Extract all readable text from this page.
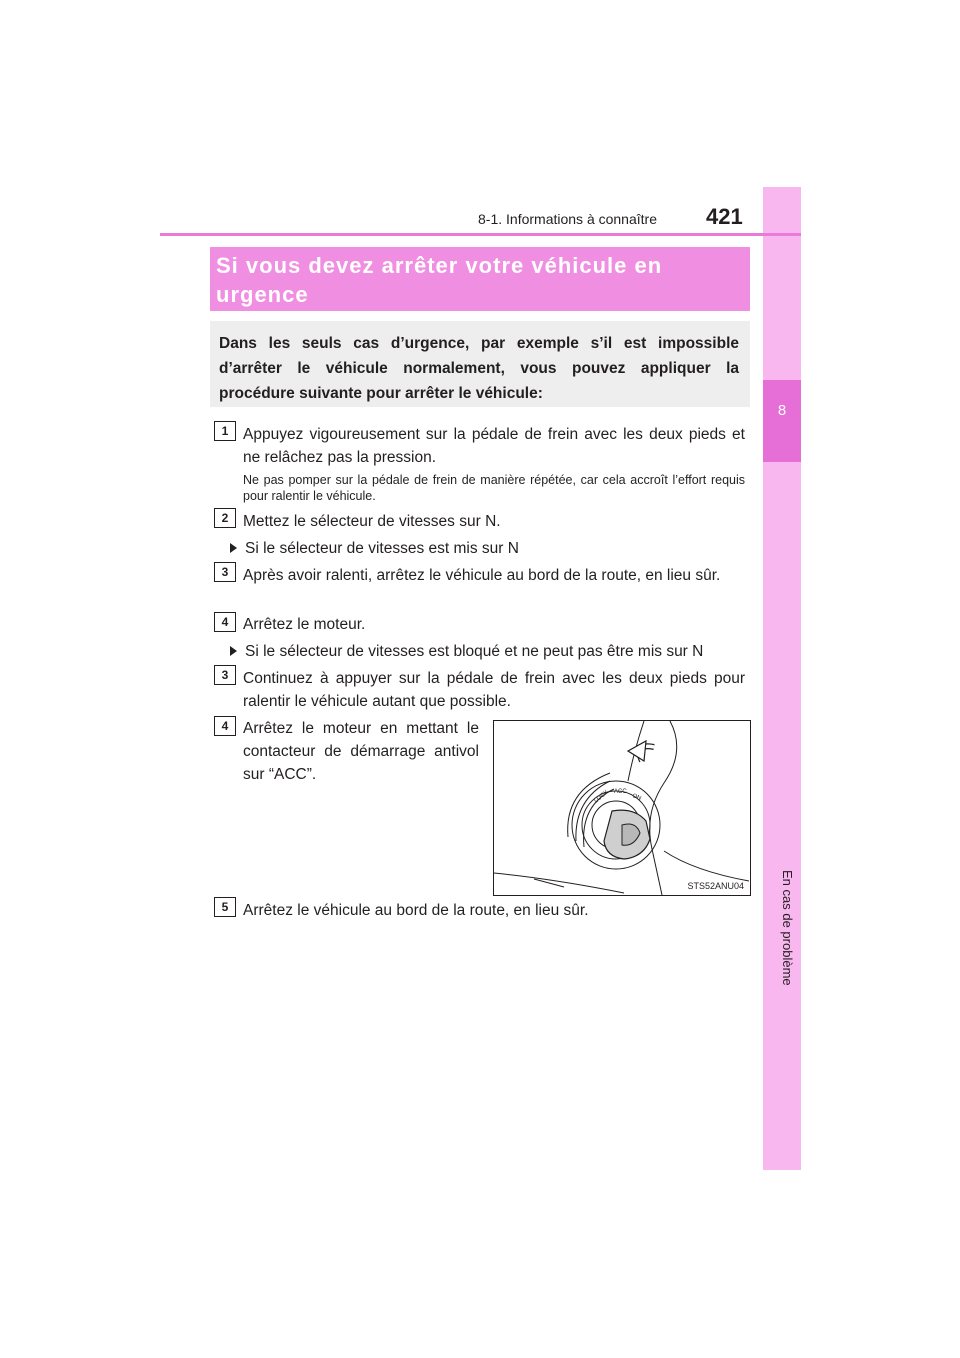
8
En cas de problème
8-1. Informations à connaître	421
Si vous devez arrêter votre véhicule en urgence
Dans les seuls cas d’urgence, par exemple s’il est impossible d’arrêter le véhicule normalement, vous pouvez appliquer la procédure suivante pour arrêter le véhicule:
1 Appuyez vigoureusement sur la pédale de frein avec les deux pieds et ne relâchez pas la pression.
Ne pas pomper sur la pédale de frein de manière répétée, car cela accroît l’effort requis pour ralentir le véhicule.
2 Mettez le sélecteur de vitesses sur N.
Si le sélecteur de vitesses est mis sur N
3 Après avoir ralenti, arrêtez le véhicule au bord de la route, en lieu sûr.
4 Arrêtez le moteur.
Si le sélecteur de vitesses est bloqué et ne peut pas être mis sur N
3 Continuez à appuyer sur la pédale de frein avec les deux pieds pour ralentir le véhicule autant que possible.
4 Arrêtez le moteur en mettant le contacteur de démarrage antivol sur “ACC”.
LOCK ACC
ON
STS52ANU04
5 Arrêtez le véhicule au bord de la route, en lieu sûr.
